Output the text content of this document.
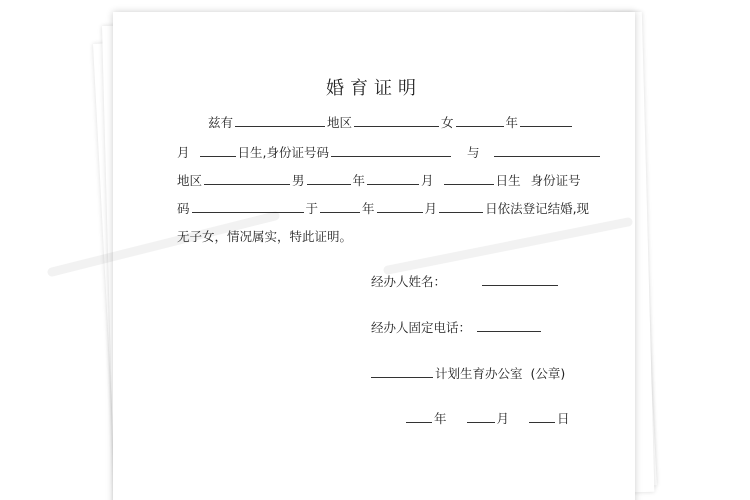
婚育证明
兹有	地区	女	年
月	日生,身份证号码	与
地区	男	年	月	日生 身份证号
码	于	年	月	日依法登记结婚,现
无子女，情况属实，特此证明。
经办人姓名：
经办人固定电话：
计划生育办公室 (公章)
年	月	日
